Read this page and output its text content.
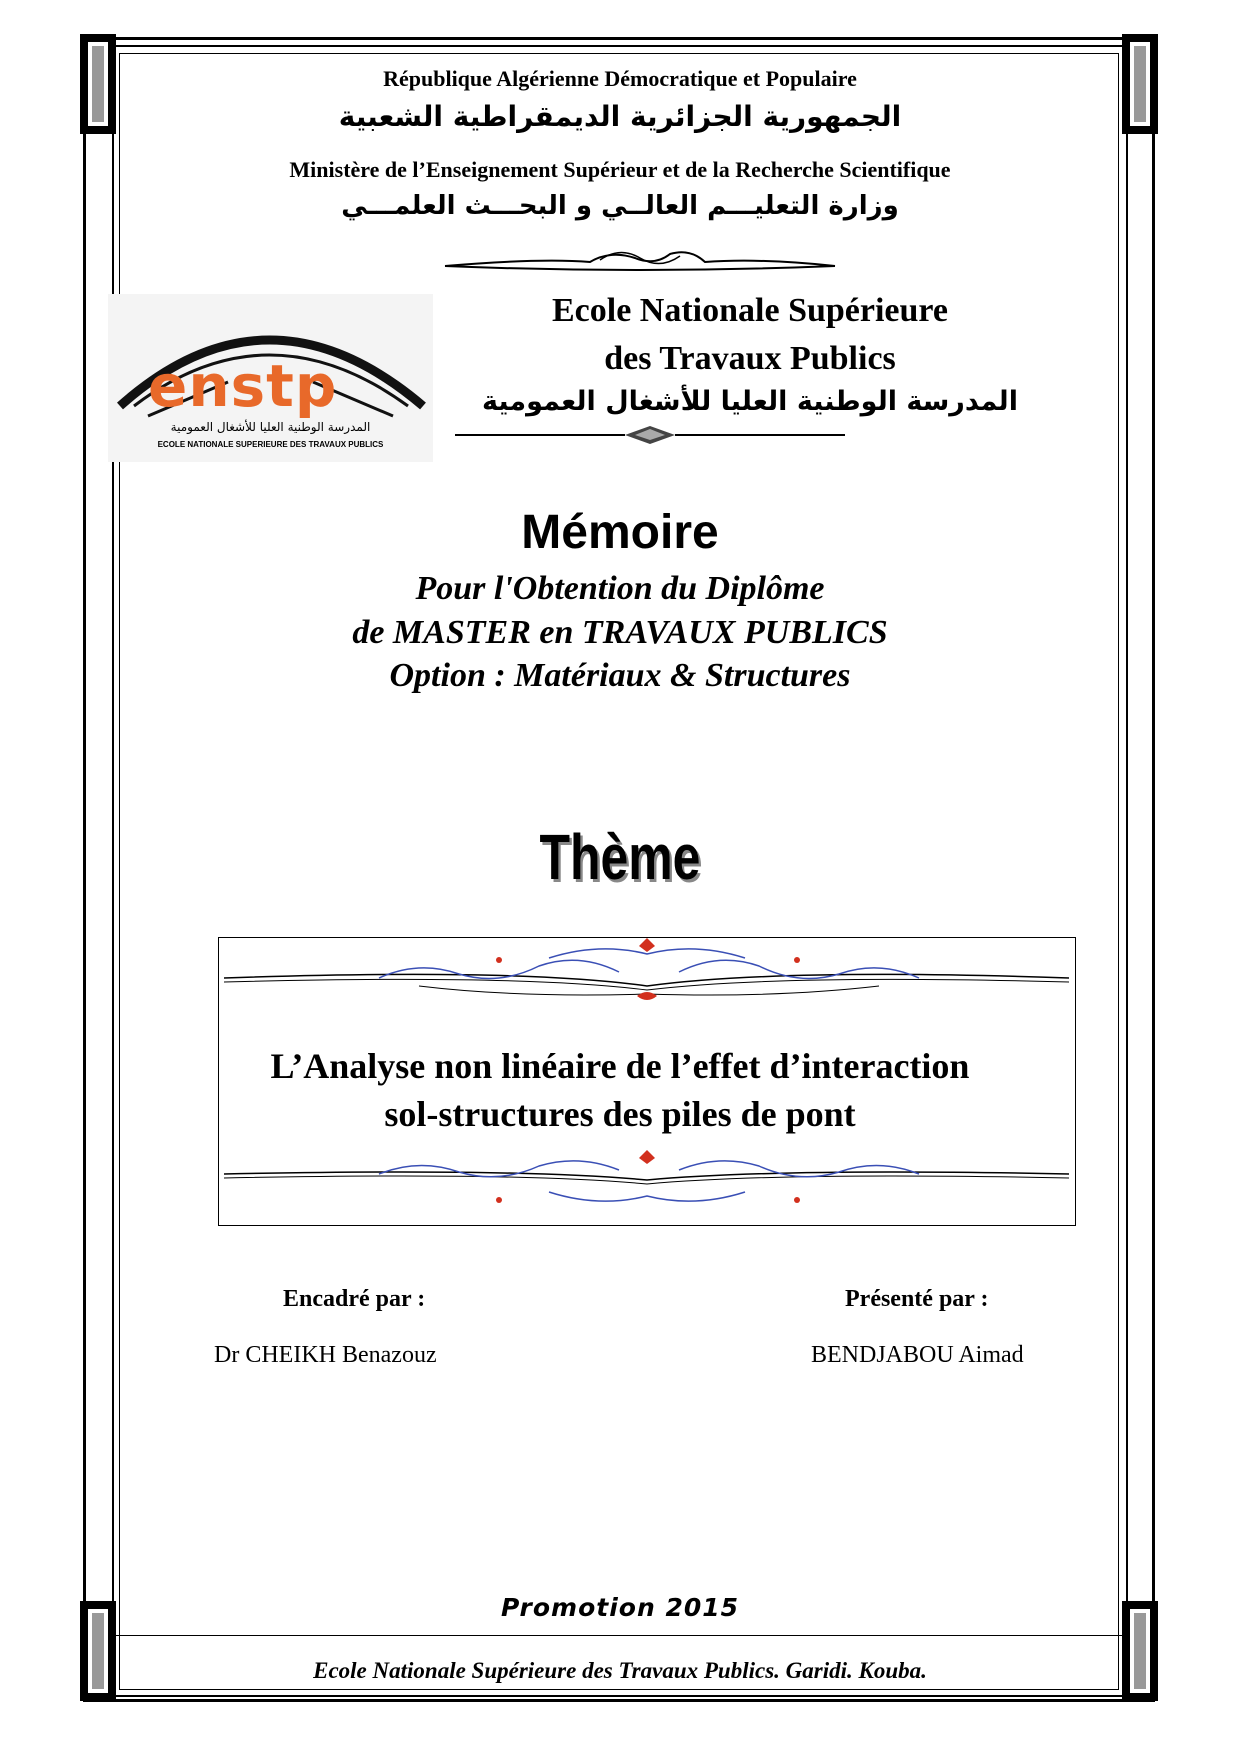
République Algérienne Démocratique et Populaire
الجمهورية الجزائرية الديمقراطية الشعبية
Ministère de l’Enseignement Supérieur et de la Recherche Scientifique
وزارة التعليـــم العالــي و البحـــث العلمـــي
enstp
المدرسة الوطنية العليا للأشغال العمومية
ECOLE NATIONALE SUPERIEURE DES TRAVAUX PUBLICS
Ecole Nationale Supérieure
des Travaux Publics
المدرسة الوطنية العليا للأشغال العمومية
Mémoire
Pour l'Obtention du Diplôme
de MASTER en TRAVAUX PUBLICS
Option : Matériaux & Structures
Thème
L’Analyse non linéaire de l’effet d’interaction
sol-structures des piles de pont
Encadré par :
Dr CHEIKH Benazouz
Présenté par :
BENDJABOU Aimad
Promotion 2015
Ecole Nationale Supérieure des Travaux Publics. Garidi. Kouba.
